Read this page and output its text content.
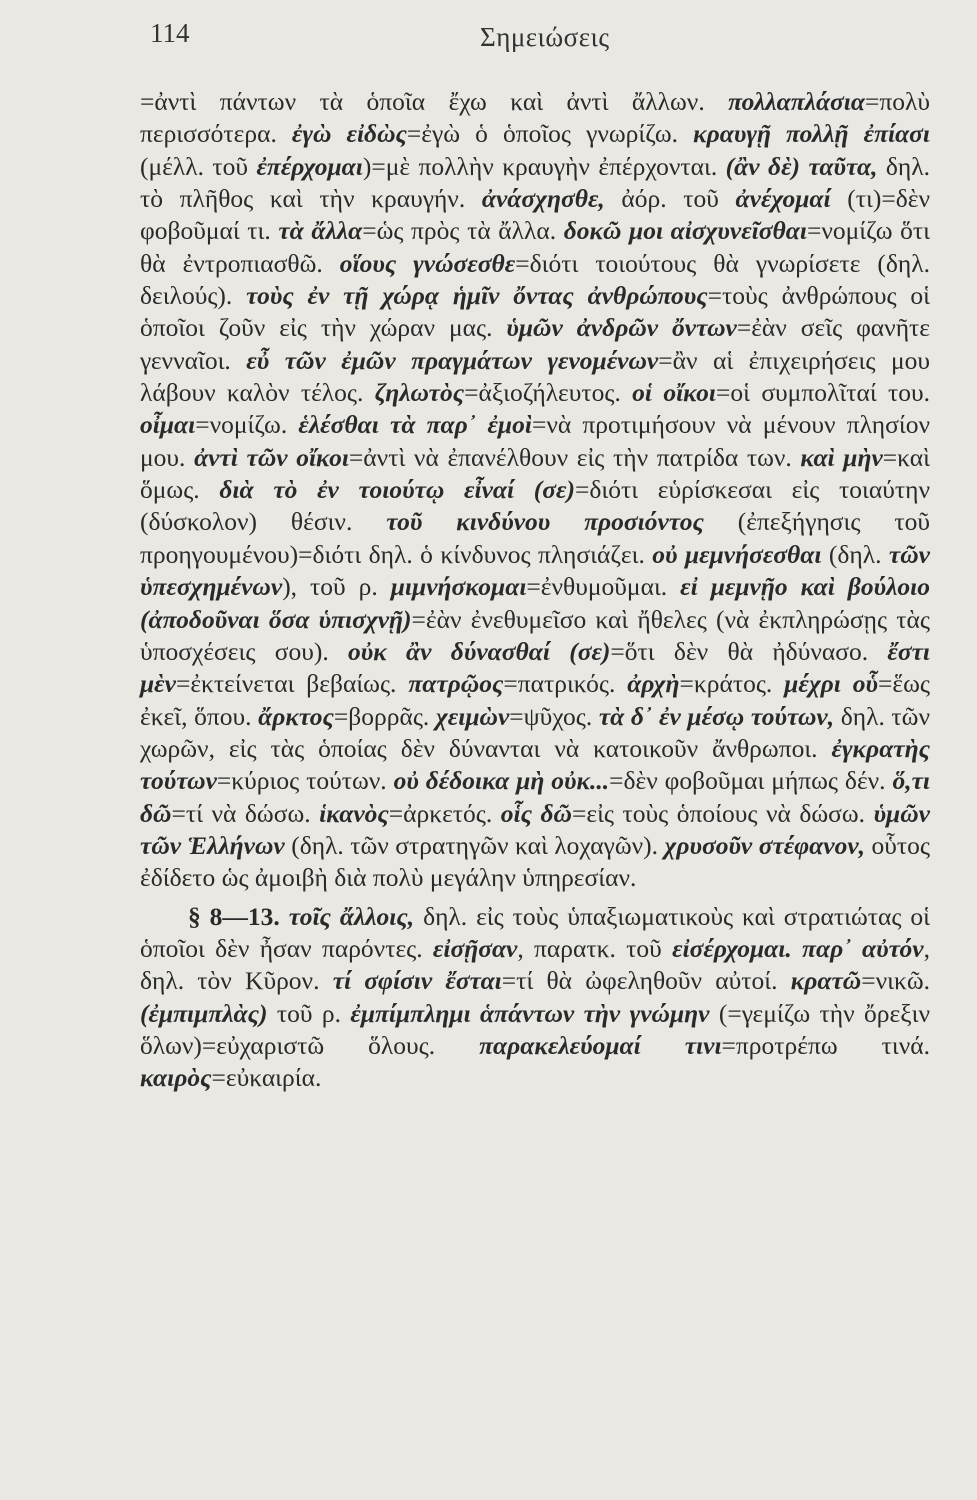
114	Σημειώσεις

=ἀντὶ πάντων τὰ ὁποῖα ἔχω καὶ ἀντὶ ἄλλων. πολλαπλάσια=πολὺ περισσότερα. ἐγὼ εἰδὼς=ἐγὼ ὁ ὁποῖος γνωρίζω. κραυγῇ πολλῇ ἐπίασι (μέλλ. τοῦ ἐπέρχομαι)=μὲ πολλὴν κραυγὴν ἐπέρχονται. (ἂν δὲ) ταῦτα, δηλ. τὸ πλῆθος καὶ τὴν κραυγήν. ἀνάσχησθε, ἀόρ. τοῦ ἀνέχομαί (τι)=δὲν φοβοῦμαί τι. τὰ ἄλλα=ὡς πρὸς τὰ ἄλλα. δοκῶ μοι αἰσχυνεῖσθαι=νομίζω ὅτι θὰ ἐντροπιασθῶ. οἵους γνώσεσθε=διότι τοιούτους θὰ γνωρίσετε (δηλ. δειλούς). τοὺς ἐν τῇ χώρᾳ ἡμῖν ὄντας ἀνθρώπους=τοὺς ἀνθρώπους οἱ ὁποῖοι ζοῦν εἰς τὴν χώραν μας. ὑμῶν ἀνδρῶν ὄντων=ἐὰν σεῖς φανῆτε γενναῖοι. εὖ τῶν ἐμῶν πραγμάτων γενομένων=ἂν αἱ ἐπιχειρήσεις μου λάβουν καλὸν τέλος. ζηλωτὸς=ἀξιοζήλευτος. οἱ οἴκοι=οἱ συμπολῖταί του. οἶμαι=νομίζω. ἑλέσθαι τὰ παρ᾽ ἐμοὶ=νὰ προτιμήσουν νὰ μένουν πλησίον μου. ἀντὶ τῶν οἴκοι=ἀντὶ νὰ ἐπανέλθουν εἰς τὴν πατρίδα των. καὶ μὴν=καὶ ὅμως. διὰ τὸ ἐν τοιούτῳ εἶναί (σε)=διότι εὑρίσκεσαι εἰς τοιαύτην (δύσκολον) θέσιν. τοῦ κινδύνου προσιόντος (ἐπεξήγησις τοῦ προηγουμένου)=διότι δηλ. ὁ κίνδυνος πλησιάζει. οὐ μεμνήσεσθαι (δηλ. τῶν ὑπεσχημένων), τοῦ ρ. μιμνήσκομαι=ἐνθυμοῦμαι. εἰ μεμνῇο καὶ βούλοιο (ἀποδοῦναι ὅσα ὑπισχνῇ)=ἐὰν ἐνεθυμεῖσο καὶ ἤθελες (νὰ ἐκπληρώσῃς τὰς ὑποσχέσεις σου). οὐκ ἂν δύνασθαί (σε)=ὅτι δὲν θὰ ἠδύνασο. ἔστι μὲν=ἐκτείνεται βεβαίως. πατρῷος=πατρικός. ἀρχὴ=κράτος. μέχρι οὗ=ἕως ἐκεῖ, ὅπου. ἄρκτος=βορρᾶς. χειμὼν=ψῦχος. τὰ δ᾽ ἐν μέσῳ τούτων, δηλ. τῶν χωρῶν, εἰς τὰς ὁποίας δὲν δύνανται νὰ κατοικοῦν ἄνθρωποι. ἐγκρατὴς τούτων=κύριος τούτων. οὐ δέδοικα μὴ οὐκ...=δὲν φοβοῦμαι μήπως δέν. ὅ,τι δῶ=τί νὰ δώσω. ἱκανὸς=ἀρκετός. οἷς δῶ=εἰς τοὺς ὁποίους νὰ δώσω. ὑμῶν τῶν Ἑλλήνων (δηλ. τῶν στρατηγῶν καὶ λοχαγῶν). χρυσοῦν στέφανον, οὗτος ἐδίδετο ὡς ἀμοιβὴ διὰ πολὺ μεγάλην ὑπηρεσίαν.

§ 8—13. τοῖς ἄλλοις, δηλ. εἰς τοὺς ὑπαξιωματικοὺς καὶ στρατιώτας οἱ ὁποῖοι δὲν ἦσαν παρόντες. εἰσῇσαν, παρατκ. τοῦ εἰσέρχομαι. παρ᾽ αὐτόν, δηλ. τὸν Κῦρον. τί σφίσιν ἔσται=τί θὰ ὠφεληθοῦν αὐτοί. κρατῶ=νικῶ. (ἐμπιμπλὰς) τοῦ ρ. ἐμπίμπλημι ἁπάντων τὴν γνώμην (=γεμίζω τὴν ὄρεξιν ὅλων)=εὐχαριστῶ ὅλους. παρακελεύομαί τινι=προτρέπω τινά. καιρὸς=εὐκαιρία.
